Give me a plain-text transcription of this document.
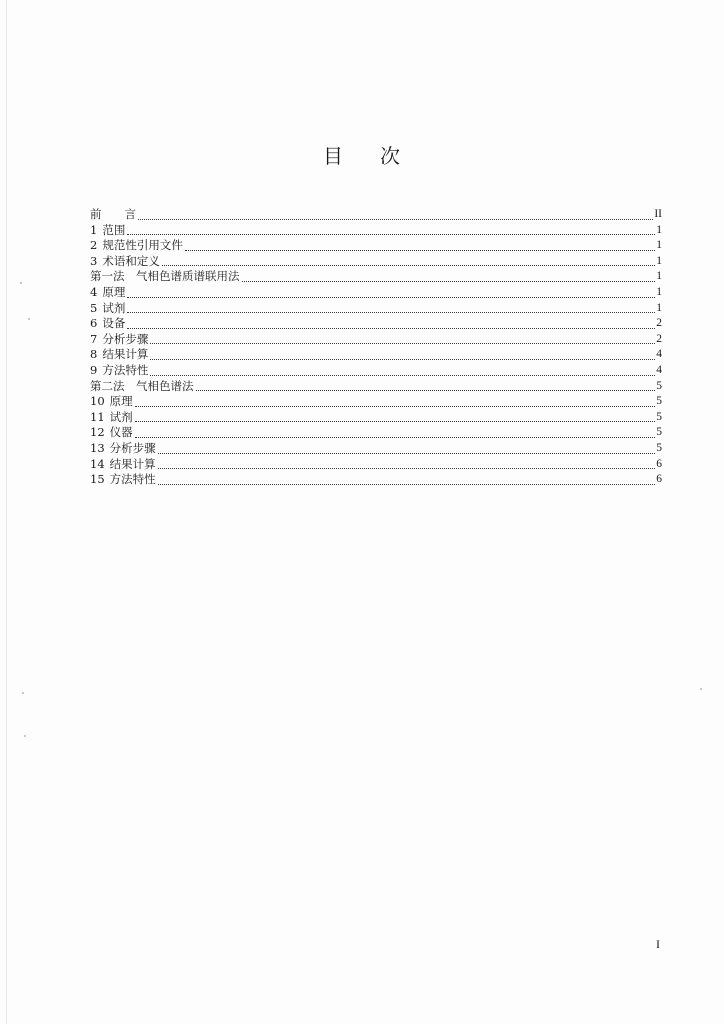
目 次
前　　言	II
1 范围	1
2 规范性引用文件	1
3 术语和定义	1
第一法　气相色谱质谱联用法	1
4 原理	1
5 试剂	1
6 设备	2
7 分析步骤	2
8 结果计算	4
9 方法特性	4
第二法　气相色谱法	5
10 原理	5
11 试剂	5
12 仪器	5
13 分析步骤	5
14 结果计算	6
15 方法特性	6
I
